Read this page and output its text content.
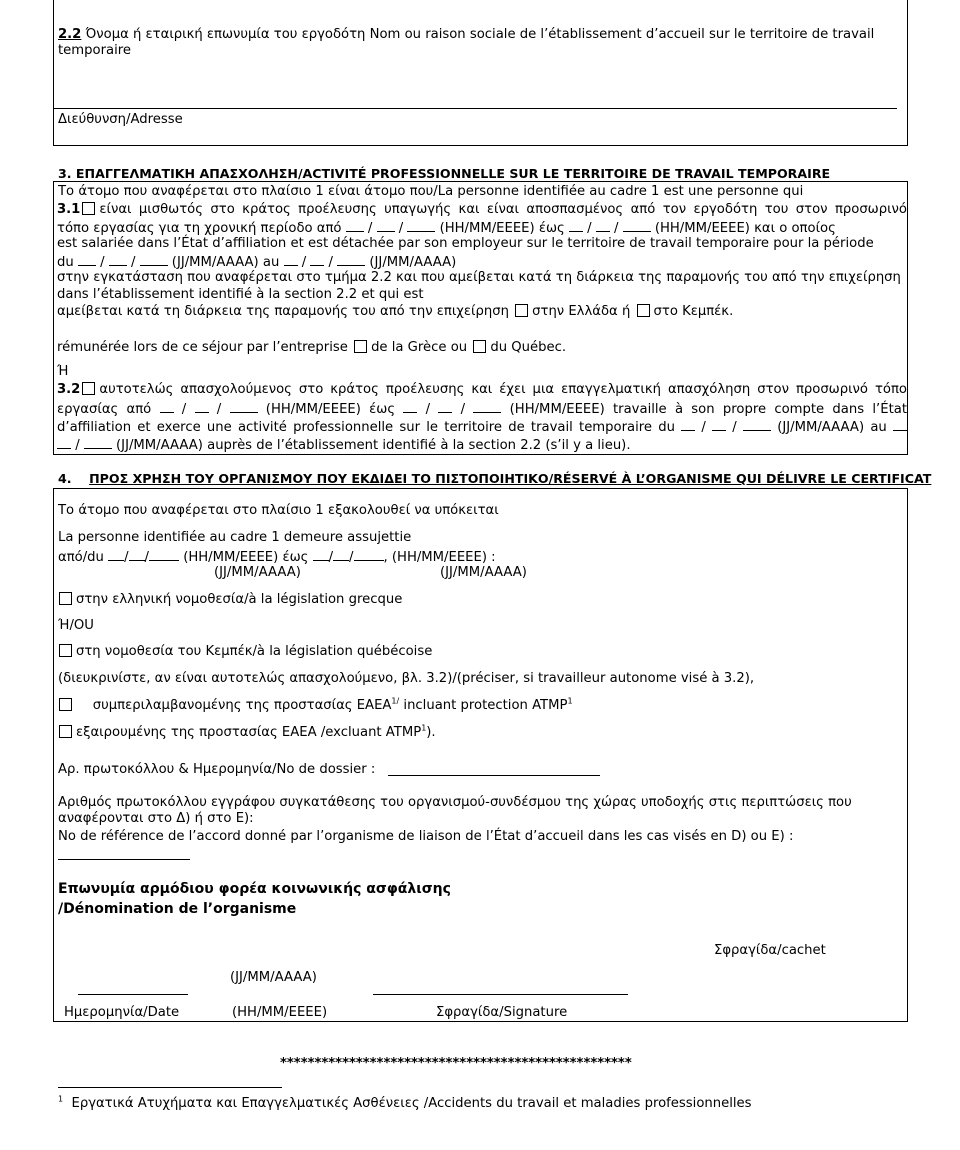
2.2 Όνομα ή εταιρική επωνυμία του εργοδότη Nom ou raison sociale de l’établissement d’accueil sur le territoire de travail
temporaire
Διεύθυνση/Adresse
3. ΕΠΑΓΓΕΛΜΑΤΙΚΗ ΑΠΑΣΧΟΛΗΣΗ/ACTIVITÉ PROFESSIONNELLE SUR LE TERRITOIRE DE TRAVAIL TEMPORAIRE
Το άτομο που αναφέρεται στο πλαίσιο 1 είναι άτομο που/La personne identifiée au cadre 1 est une personne qui
3.1 είναι μισθωτός στο κράτος προέλευσης υπαγωγής και είναι αποσπασμένος από τον εργοδότη του στον προσωρινό
τόπο εργασίας για τη χρονική περίοδο από  /  /  (ΗΗ/ΜΜ/ΕΕΕΕ) έως  /  /  (ΗΗ/ΜΜ/ΕΕΕΕ) και ο οποίος
est salariée dans l’État d’affiliation et est détachée par son employeur sur le territoire de travail temporaire pour la période
du  /  /  (JJ/MM/AAAA) au  /  /  (JJ/MM/AAAA)
στην εγκατάσταση που αναφέρεται στο τμήμα 2.2 και που αμείβεται κατά τη διάρκεια της παραμονής του από την επιχείρηση
dans l’établissement identifié à la section 2.2 et qui est
αμείβεται κατά τη διάρκεια της παραμονής του από την επιχείρηση στην Ελλάδα ή στο Κεμπέκ.
rémunérée lors de ce séjour par l’entreprise de la Grèce ou du Québec.
Ή
3.2 αυτοτελώς απασχολούμενος στο κράτος προέλευσης και έχει μια επαγγελματική απασχόληση στον προσωρινό τόπο
εργασίας από  /  /	(ΗΗ/ΜΜ/ΕΕΕΕ) έως  /  /	(ΗΗ/ΜΜ/ΕΕΕΕ) travaille à son propre compte dans l’État
d’affiliation et exerce une activité professionnelle sur le territoire de travail temporaire du  /  /	(JJ/MM/AAAA) au
/  (JJ/MM/AAAA) auprès de l’établissement identifié à la section 2.2 (s’il y a lieu).
4. ΠΡΟΣ ΧΡΗΣΗ ΤΟΥ ΟΡΓΑΝΙΣΜΟΥ ΠΟΥ ΕΚΔΙΔΕΙ ΤΟ ΠΙΣΤΟΠΟΙΗΤΙΚΟ/RÉSERVÉ À L’ORGANISME QUI DÉLIVRE LE CERTIFICAT
Το άτομο που αναφέρεται στο πλαίσιο 1 εξακολουθεί να υπόκειται
La personne identifiée au cadre 1 demeure assujettie
από/du / /	(ΗΗ/ΜΜ/ΕΕΕΕ) έως / / , (ΗΗ/ΜΜ/ΕΕΕΕ) :
(JJ/MM/AAAA)	(JJ/MM/AAAA)
στην ελληνική νομοθεσία/à la législation grecque
Ή/OU
στη νομοθεσία του Κεμπέκ/à la législation québécoise
(διευκρινίστε, αν είναι αυτοτελώς απασχολούμενο, βλ. 3.2)/(préciser, si travailleur autonome visé à 3.2),
συμπεριλαμβανομένης της προστασίας $EAEA^{1/}$ incluant protection ATMP$^1$
εξαιρουμένης της προστασίας ΕΑΕΑ /excluant ATMP$^1$).
Αρ. πρωτοκόλλου & Ημερομηνία/No de dossier :
Αριθμός πρωτοκόλλου εγγράφου συγκατάθεσης του οργανισμού-συνδέσμου της χώρας υποδοχής στις περιπτώσεις που
αναφέρονται στο Δ) ή στο Ε):
No de référence de l’accord donné par l’organisme de liaison de l’État d’accueil dans les cas visés en D) ou E) :
Επωνυμία αρμόδιου φορέα κοινωνικής ασφάλισης
/Dénomination de l’organisme
Σφραγίδα/cachet
(JJ/MM/AAAA)
Ημερομηνία/Date	(ΗΗ/ΜΜ/ΕΕΕΕ)	Σφραγίδα/Signature
***************************************************
$^1$ Εργατικά Ατυχήματα και Επαγγελματικές Ασθένειες /Accidents du travail et maladies professionnelles
